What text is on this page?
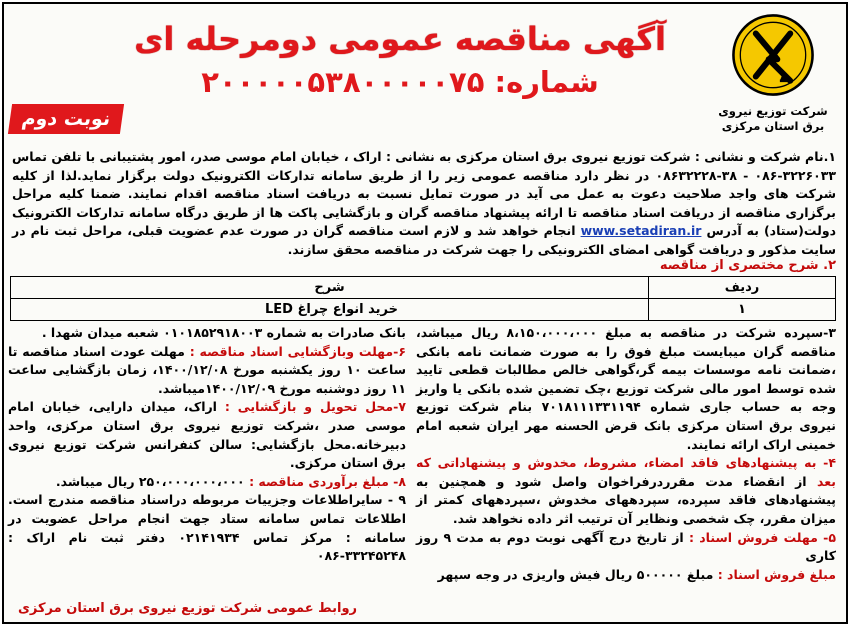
شرکت توزیع نیروی برق استان مرکزی
آگهی مناقصه عمومی دومرحله ای
شماره: ۲۰۰۰۰۰۵۳۸۰۰۰۰۰۷۵
نوبت دوم
۱.نام شرکت و نشانی : شرکت توزیع نیروی برق استان مرکزی به نشانی : اراک ، خیابان امام موسی صدر، امور پشتیبانی با تلفن تماس ۳۲۲۶۰۳۳-۰۸۶ - ۳۸-۰۸۶۳۲۲۲۸ در نظر دارد مناقصه عمومی زیر را از طریق سامانه تدارکات الکترونیک دولت برگزار نماید.لذا از کلیه شرکت های واجد صلاحیت دعوت به عمل می آید در صورت تمایل نسبت به دریافت اسناد مناقصه اقدام نمایند. ضمنا کلیه مراحل برگزاری مناقصه از دریافت اسناد مناقصه تا ارائه پیشنهاد مناقصه گران و بازگشایی پاکت ها از طریق درگاه سامانه تدارکات الکترونیک دولت(ستاد) به آدرس www.setadiran.ir انجام خواهد شد و لازم است مناقصه گران در صورت عدم عضویت قبلی، مراحل ثبت نام در سایت مذکور و دریافت گواهی امضای الکترونیکی را جهت شرکت در مناقصه محقق سازند.
۲. شرح مختصری از مناقصه
ردیف	شرح
۱	خرید انواع چراغ LED

۳-سپرده شرکت در مناقصه به مبلغ ۸،۱۵۰،۰۰۰،۰۰۰ ریال میباشد، مناقصه گران میبایست مبلغ فوق را به صورت ضمانت نامه بانکی ،ضمانت نامه موسسات بیمه گر،گواهی خالص مطالبات قطعی تایید شده توسط امور مالی شرکت توزیع ،چک تضمین شده بانکی یا واریز وجه به حساب جاری شماره ۷۰۱۸۱۱۱۳۳۱۱۹۴ بنام شرکت توزیع نیروی برق استان مرکزی بانک قرض الحسنه مهر ایران شعبه امام خمینی اراک ارائه نمایند.

۴- به پیشنهادهای فاقد امضاء، مشروط، مخدوش و پیشنهاداتی که بعد از انقضاء مدت مقرردرفراخوان واصل شود و همچنین به پیشنهادهای فاقد سپرده، سپردههای مخدوش ،سپردههای کمتر از میزان مقرر، چک شخصی ونظایر آن ترتیب اثر داده نخواهد شد.

۵- مهلت فروش اسناد : از تاریخ درج آگهی نوبت دوم به مدت ۹ روز کاری

مبلغ فروش اسناد : مبلغ ۵۰۰۰۰۰ ریال فیش واریزی در وجه سپهر

بانک صادرات به شماره ۰۱۰۱۸۵۲۹۱۸۰۰۳ شعبه میدان شهدا .

۶-مهلت وبازگشایی اسناد مناقصه : مهلت عودت اسناد مناقصه تا ساعت ۱۰ روز یکشنبه مورخ ۱۴۰۰/۱۲/۰۸، زمان بازگشایی ساعت ۱۱ روز دوشنبه مورخ ۱۴۰۰/۱۲/۰۹میباشد.

۷-محل تحویل و بازگشایی : اراک، میدان دارایی، خیابان امام موسی صدر ،شرکت توزیع نیروی برق استان مرکزی، واحد دبیرخانه.محل بازگشایی: سالن کنفرانس شرکت توزیع نیروی برق استان مرکزی.

۸- مبلغ برآوردی مناقصه : ۲۵۰،۰۰۰،۰۰۰،۰۰۰ ریال میباشد.

۹ - سایراطلاعات وجزییات مربوطه دراسناد مناقصه مندرج است. اطلاعات تماس سامانه ستاد جهت انجام مراحل عضویت در سامانه : مرکز تماس ۰۲۱۴۱۹۳۴ دفتر ثبت نام اراک : ۳۳۲۴۵۲۴۸-۰۸۶

روابط عمومی شرکت توزیع نیروی برق استان مرکزی
